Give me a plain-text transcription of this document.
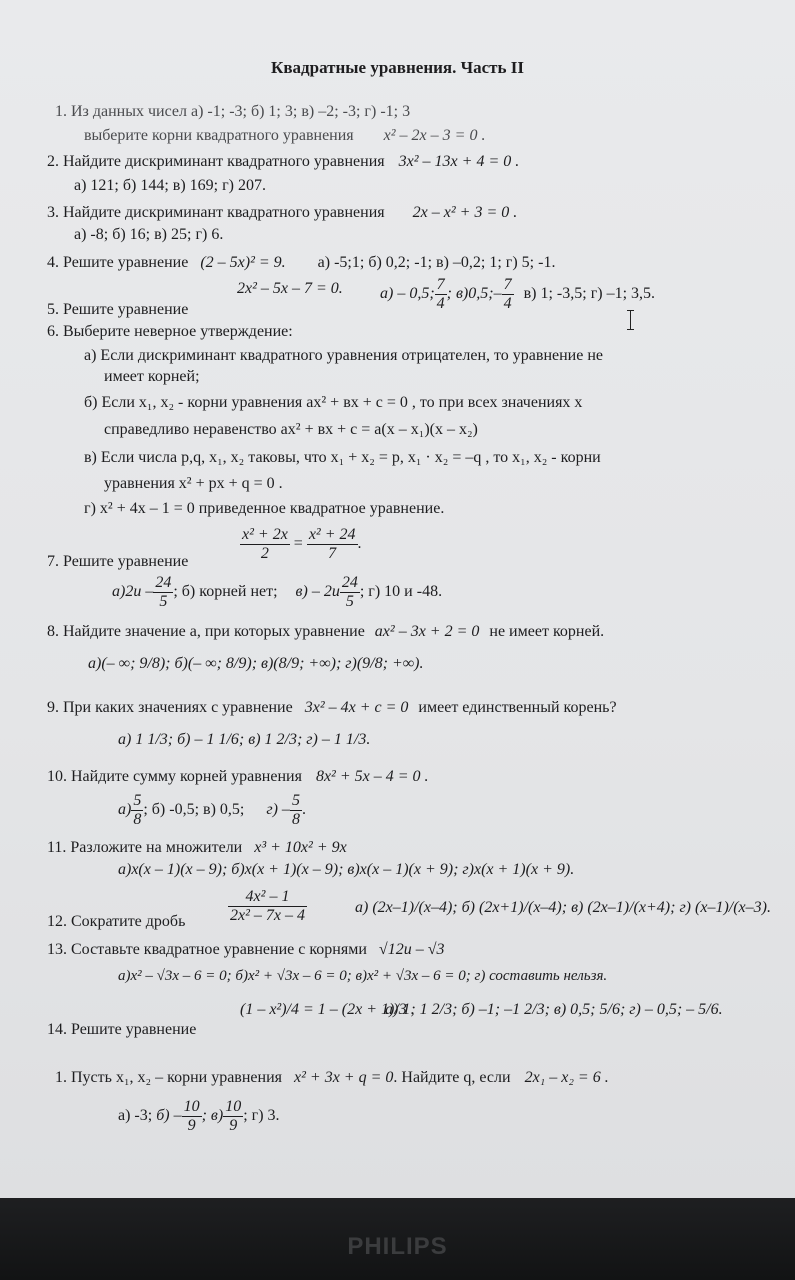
Квадратные уравнения. Часть II
1. Из данных чисел а) -1; -3; б) 1; 3; в) –2; -3; г) -1; 3
выберите корни квадратного уравнения x² – 2x – 3 = 0 .
2. Найдите дискриминант квадратного уравнения 3x² – 13x + 4 = 0 .
а) 121; б) 144; в) 169; г) 207.
3. Найдите дискриминант квадратного уравнения 2x – x² + 3 = 0 .
а) -8; б) 16; в) 25; г) 6.
4. Решите уравнение (2 – 5x)² = 9. а) -5;1; б) 0,2; -1; в) –0,2; 1; г) 5; -1.
2x² – 5x – 7 = 0.
5. Решите уравнение
а) – 0,5; $\frac{7}{4}$ ; в)0,5;– $\frac{7}{4} в$) 1; -3,5; г) –1; 3,5.
6. Выберите неверное утверждение:
а) Если дискриминант квадратного уравнения отрицателен, то уравнение не
имеет корней;
б) Если x₁, x₂ - корни уравнения ax² + вx + c = 0 , то при всех значениях х
справедливо неравенство ax² + вx + c = a(x – x₁)(x – x₂)
в) Если числа p,q, x₁, x₂ таковы, что x₁ + x₂ = p, x₁ · x₂ = –q , то x₁, x₂ - корни
уравнения x² + px + q = 0 .
г) x² + 4x – 1 = 0 приведенное квадратное уравнение.
$\frac{\text{x² + 2x}}{2} = \frac{\text{x² + 24}}{7}$ .
7. Решите уравнение
$а)2и - \frac{24}{5}$ ; б) корней нет; $в) - 2и \frac{24}{5}$ ; г) 10 и -48.
8. Найдите значение а, при которых уравнение ax² – 3x + 2 = 0 не имеет корней.
а)(– ∞; 9/8); б)(– ∞; 8/9); в)(8/9; +∞); г)(9/8; +∞).
9. При каких значениях с уравнение 3x² – 4x + c = 0 имеет единственный корень?
а) 1 1/3; б) – 1 1/6; в) 1 2/3; г) – 1 1/3.
10. Найдите сумму корней уравнения 8x² + 5x – 4 = 0 .
$а) \frac{5}{8}$ ; б) -0,5; в) 0,5; $г) - \frac{5}{8}$ .
11. Разложите на множители x³ + 10x² + 9x
а)x(x – 1)(x – 9); б)x(x + 1)(x – 9); в)x(x – 1)(x + 9); г)x(x + 1)(x + 9).
$\frac{\text{4x² – 1}}{\text{2x² – 7x – 4}}$
12. Сократите дробь
а) (2x–1)/(x–4); б) (2x+1)/(x–4); в) (2x–1)/(x+4); г) (x–1)/(x–3).
13. Составьте квадратное уравнение с корнями √12и – √3
а)x² – √3x – 6 = 0; б)x² + √3x – 6 = 0; в)x² + √3x – 6 = 0; г) составить нельзя.
(1 – x²)/4 = 1 – (2x + 1)/3 .
14. Решите уравнение
а) 1; 1 2/3; б) –1; –1 2/3; в) 0,5; 5/6; г) – 0,5; – 5/6.
1. Пусть x₁, x₂ – корни уравнения x² + 3x + q = 0. Найдите q, если 2x₁ – x₂ = 6 .
а) -3; $б) - \frac{10}{9}$ ; $в) \frac{10}{9}$ ; г) 3.
PHILIPS
